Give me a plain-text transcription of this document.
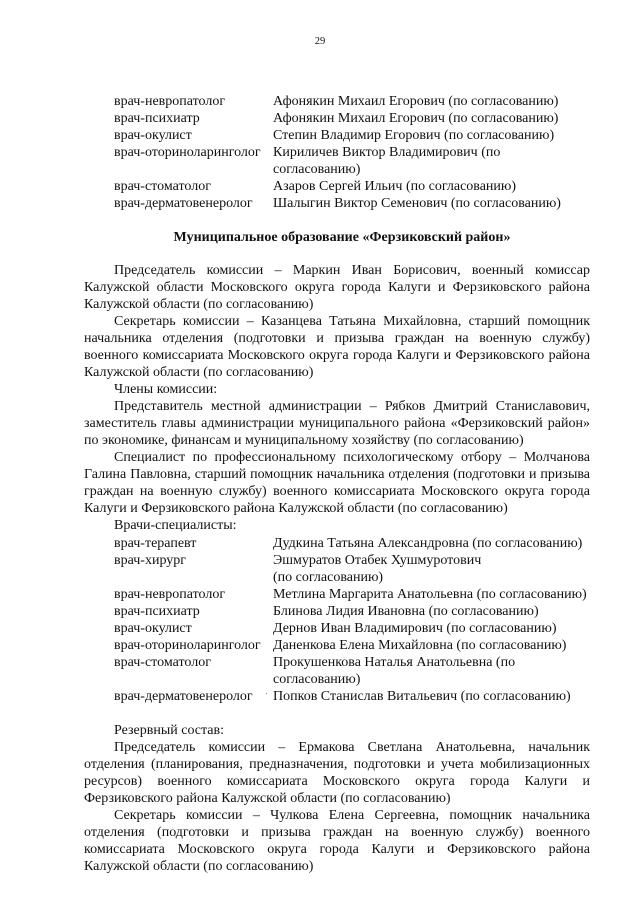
29
врач-невропатолог	Афонякин Михаил Егорович (по согласованию)
врач-психиатр	Афонякин Михаил Егорович (по согласованию)
врач-окулист	Степин Владимир Егорович (по согласованию)
врач-оториноларинголог Кириличев Виктор Владимирович (по согласованию)
врач-стоматолог	Азаров Сергей Ильич (по согласованию)
врач-дерматовенеролог	Шалыгин Виктор Семенович (по согласованию)
Муниципальное образование «Ферзиковский район»

Председатель комиссии – Маркин Иван Борисович, военный комиссар Калужской области Московского округа города Калуги и Ферзиковского района Калужской области (по согласованию)

Секретарь комиссии – Казанцева Татьяна Михайловна, старший помощник начальника отделения (подготовки и призыва граждан на военную службу) военного комиссариата Московского округа города Калуги и Ферзиковского района Калужской области (по согласованию)

Члены комиссии:

Представитель местной администрации – Рябков Дмитрий Станиславович, заместитель главы администрации муниципального района «Ферзиковский район» по экономике, финансам и муниципальному хозяйству (по согласованию)

Специалист по профессиональному психологическому отбору – Молчанова Галина Павловна, старший помощник начальника отделения (подготовки и призыва граждан на военную службу) военного комиссариата Московского округа города Калуги и Ферзиковского района Калужской области (по согласованию)

Врачи-специалисты:
врач-терапевт	Дудкина Татьяна Александровна (по согласованию)
врач-хирург	Эшмуратов Отабек Хушмуротович (по согласованию)
врач-невропатолог	Метлина Маргарита Анатольевна (по согласованию)
врач-психиатр	Блинова Лидия Ивановна (по согласованию)
врач-окулист	Дернов Иван Владимирович (по согласованию)
врач-оториноларинголог Даненкова Елена Михайловна (по согласованию)
врач-стоматолог	Прокушенкова Наталья Анатольевна (по согласованию)
врач-дерматовенеролог	Попков Станислав Витальевич (по согласованию)
Резервный состав:

Председатель комиссии – Ермакова Светлана Анатольевна, начальник отделения (планирования, предназначения, подготовки и учета мобилизационных ресурсов) военного комиссариата Московского округа города Калуги и Ферзиковского района Калужской области (по согласованию)

Секретарь комиссии – Чулкова Елена Сергеевна, помощник начальника отделения (подготовки и призыва граждан на военную службу) военного комиссариата Московского округа города Калуги и Ферзиковского района Калужской области (по согласованию)
